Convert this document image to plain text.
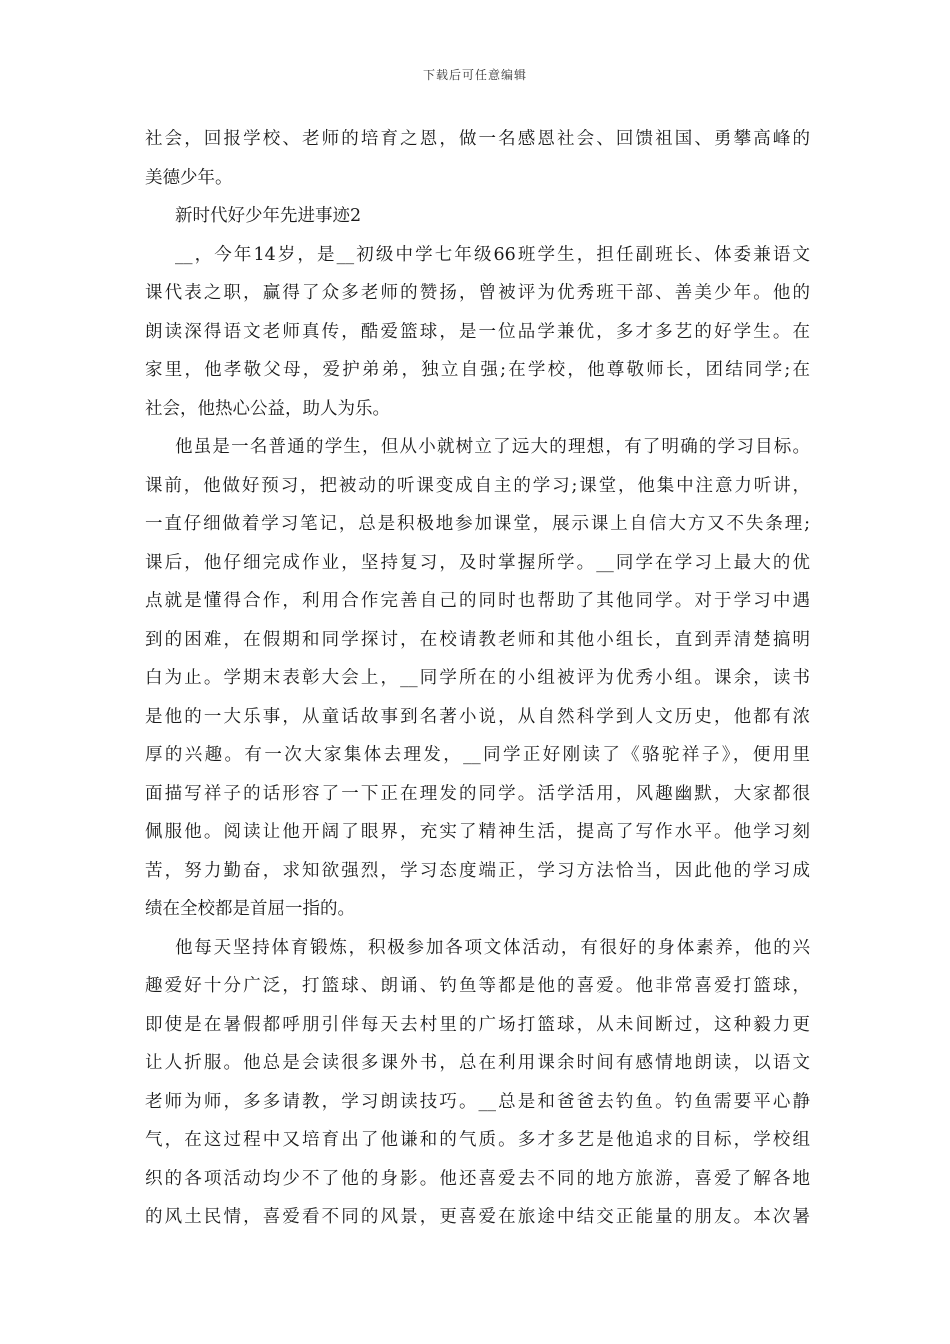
下载后可任意编辑
社会，回报学校、老师的培育之恩，做一名感恩社会、回馈祖国、勇攀高峰的
美德少年。
新时代好少年先进事迹2
__，今年14岁，是__初级中学七年级66班学生，担任副班长、体委兼语文
课代表之职，赢得了众多老师的赞扬，曾被评为优秀班干部、善美少年。他的
朗读深得语文老师真传，酷爱篮球，是一位品学兼优，多才多艺的好学生。在
家里，他孝敬父母，爱护弟弟，独立自强;在学校，他尊敬师长，团结同学;在
社会，他热心公益，助人为乐。
他虽是一名普通的学生，但从小就树立了远大的理想，有了明确的学习目标。
课前，他做好预习，把被动的听课变成自主的学习;课堂，他集中注意力听讲，
一直仔细做着学习笔记，总是积极地参加课堂，展示课上自信大方又不失条理;
课后，他仔细完成作业，坚持复习，及时掌握所学。__同学在学习上最大的优
点就是懂得合作，利用合作完善自己的同时也帮助了其他同学。对于学习中遇
到的困难，在假期和同学探讨，在校请教老师和其他小组长，直到弄清楚搞明
白为止。学期末表彰大会上，__同学所在的小组被评为优秀小组。课余，读书
是他的一大乐事，从童话故事到名著小说，从自然科学到人文历史，他都有浓
厚的兴趣。有一次大家集体去理发，__同学正好刚读了《骆驼祥子》，便用里
面描写祥子的话形容了一下正在理发的同学。活学活用，风趣幽默，大家都很
佩服他。阅读让他开阔了眼界，充实了精神生活，提高了写作水平。他学习刻
苦，努力勤奋，求知欲强烈，学习态度端正，学习方法恰当，因此他的学习成
绩在全校都是首屈一指的。
他每天坚持体育锻炼，积极参加各项文体活动，有很好的身体素养，他的兴
趣爱好十分广泛，打篮球、朗诵、钓鱼等都是他的喜爱。他非常喜爱打篮球，
即使是在暑假都呼朋引伴每天去村里的广场打篮球，从未间断过，这种毅力更
让人折服。他总是会读很多课外书，总在利用课余时间有感情地朗读，以语文
老师为师，多多请教，学习朗读技巧。__总是和爸爸去钓鱼。钓鱼需要平心静
气，在这过程中又培育出了他谦和的气质。多才多艺是他追求的目标，学校组
织的各项活动均少不了他的身影。他还喜爱去不同的地方旅游，喜爱了解各地
的风土民情，喜爱看不同的风景，更喜爱在旅途中结交正能量的朋友。本次暑
